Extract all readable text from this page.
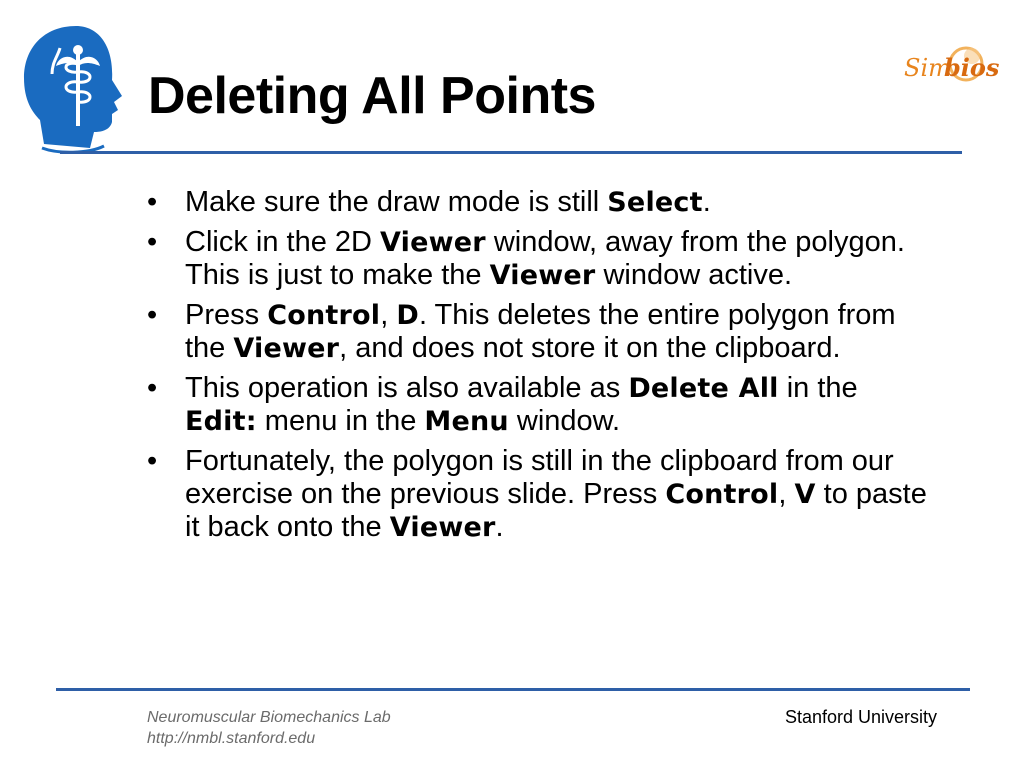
Sim
bios
Deleting All Points
• Make sure the draw mode is still Select.
• Click in the 2D Viewer window, away from the polygon. This is just to make the Viewer window active.
• Press Control, D. This deletes the entire polygon from the Viewer, and does not store it on the clipboard.
• This operation is also available as Delete All in the Edit: menu in the Menu window.
• Fortunately, the polygon is still in the clipboard from our exercise on the previous slide. Press Control, V to paste it back onto the Viewer.
Neuromuscular Biomechanics Lab
http://nmbl.stanford.edu
Stanford University
